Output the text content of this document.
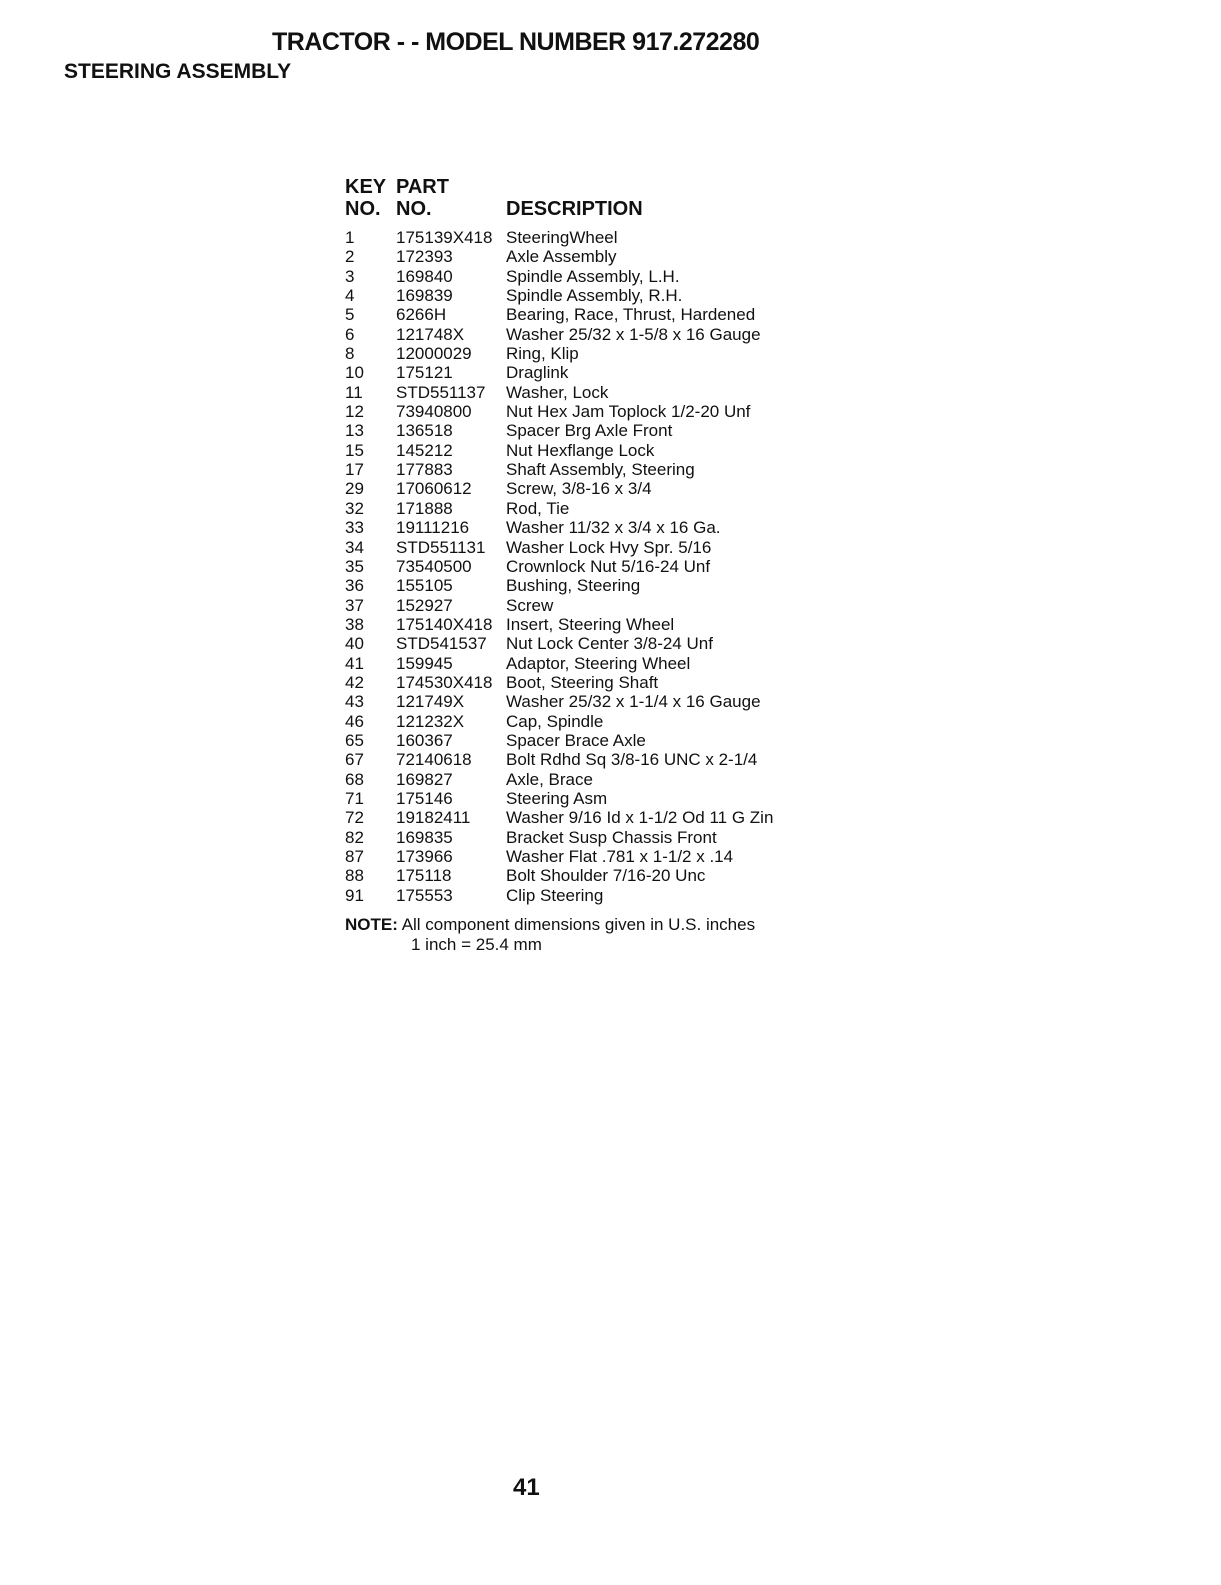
TRACTOR - - MODEL NUMBER 917.272280
STEERING ASSEMBLY
KEY	PART	
NO.	NO.	DESCRIPTION
1	175139X418	SteeringWheel
2	172393	Axle Assembly
3	169840	Spindle Assembly, L.H.
4	169839	Spindle Assembly, R.H.
5	6266H	Bearing, Race, Thrust, Hardened
6	121748X	Washer 25/32 x 1-5/8 x 16 Gauge
8	12000029	Ring, Klip
10	175121	Draglink
11	STD551137	Washer, Lock
12	73940800	Nut Hex Jam Toplock 1/2-20 Unf
13	136518	Spacer Brg Axle Front
15	145212	Nut Hexflange Lock
17	177883	Shaft Assembly, Steering
29	17060612	Screw, 3/8-16 x 3/4
32	171888	Rod, Tie
33	19111216	Washer 11/32 x 3/4 x 16 Ga.
34	STD551131	Washer Lock Hvy Spr. 5/16
35	73540500	Crownlock Nut 5/16-24 Unf
36	155105	Bushing, Steering
37	152927	Screw
38	175140X418	Insert, Steering Wheel
40	STD541537	Nut Lock Center 3/8-24 Unf
41	159945	Adaptor, Steering Wheel
42	174530X418	Boot, Steering Shaft
43	121749X	Washer 25/32 x 1-1/4 x 16 Gauge
46	121232X	Cap, Spindle
65	160367	Spacer Brace Axle
67	72140618	Bolt Rdhd Sq 3/8-16 UNC x 2-1/4
68	169827	Axle, Brace
71	175146	Steering Asm
72	19182411	Washer 9/16 Id x 1-1/2 Od 11 G Zin
82	169835	Bracket Susp Chassis Front
87	173966	Washer Flat .781 x 1-1/2 x .14
88	175118	Bolt Shoulder 7/16-20 Unc
91	175553	Clip Steering
NOTE: All component dimensions given in U.S. inches
1 inch = 25.4 mm
41
